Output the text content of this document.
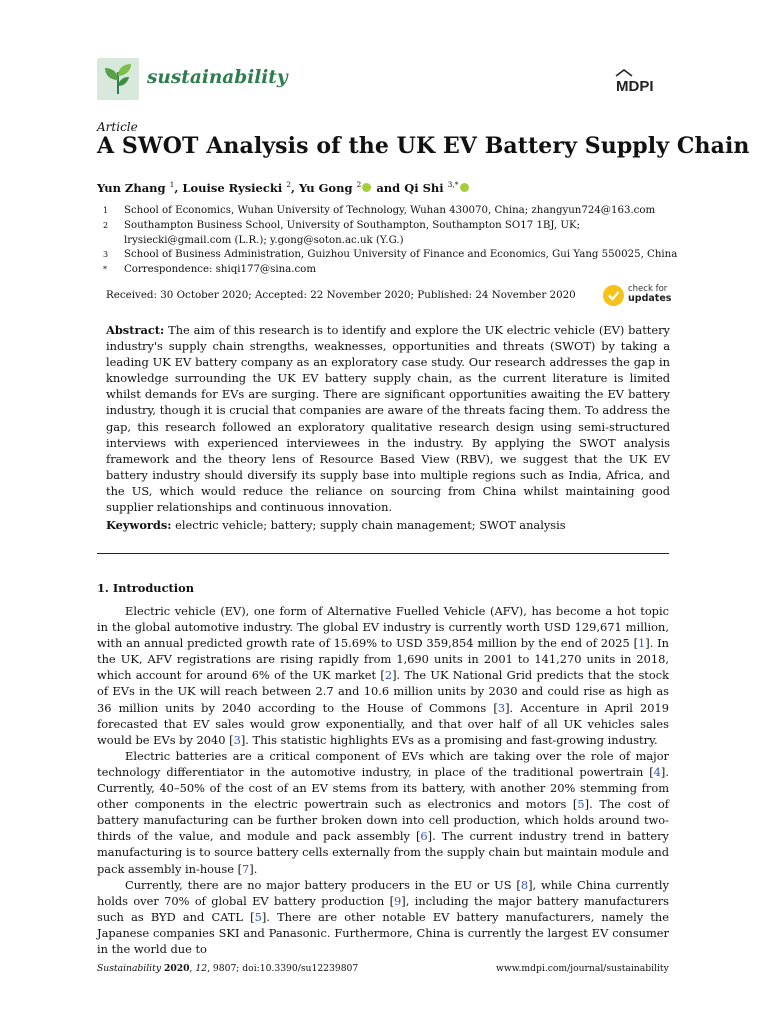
sustainability	MDPI
Article
A SWOT Analysis of the UK EV Battery Supply Chain
Yun Zhang $^1$, Louise Rysiecki $^2$, Yu Gong $^2$ and Qi Shi $^{3,*}$
1 School of Economics, Wuhan University of Technology, Wuhan 430070, China; zhangyun724@163.com
2 Southampton Business School, University of Southampton, Southampton SO17 1BJ, UK;
lrysiecki@gmail.com (L.R.); y.gong@soton.ac.uk (Y.G.)
3 School of Business Administration, Guizhou University of Finance and Economics, Gui Yang 550025, China
* Correspondence: shiqi177@sina.com
Received: 30 October 2020; Accepted: 22 November 2020; Published: 24 November 2020	check for
updates
Abstract: The aim of this research is to identify and explore the UK electric vehicle (EV) battery industry's supply chain strengths, weaknesses, opportunities and threats (SWOT) by taking a leading UK EV battery company as an exploratory case study. Our research addresses the gap in knowledge surrounding the UK EV battery supply chain, as the current literature is limited whilst demands for EVs are surging. There are significant opportunities awaiting the EV battery industry, though it is crucial that companies are aware of the threats facing them. To address the gap, this research followed an exploratory qualitative research design using semi-structured interviews with experienced interviewees in the industry. By applying the SWOT analysis framework and the theory lens of Resource Based View (RBV), we suggest that the UK EV battery industry should diversify its supply base into multiple regions such as India, Africa, and the US, which would reduce the reliance on sourcing from China whilst maintaining good supplier relationships and continuous innovation.
Keywords: electric vehicle; battery; supply chain management; SWOT analysis
1. Introduction

Electric vehicle (EV), one form of Alternative Fuelled Vehicle (AFV), has become a hot topic in the global automotive industry. The global EV industry is currently worth USD 129,671 million, with an annual predicted growth rate of 15.69% to USD 359,854 million by the end of 2025 [1]. In the UK, AFV registrations are rising rapidly from 1,690 units in 2001 to 141,270 units in 2018, which account for around 6% of the UK market [2]. The UK National Grid predicts that the stock of EVs in the UK will reach between 2.7 and 10.6 million units by 2030 and could rise as high as 36 million units by 2040 according to the House of Commons [3]. Accenture in April 2019 forecasted that EV sales would grow exponentially, and that over half of all UK vehicles sales would be EVs by 2040 [3]. This statistic highlights EVs as a promising and fast-growing industry.

Electric batteries are a critical component of EVs which are taking over the role of major technology differentiator in the automotive industry, in place of the traditional powertrain [4]. Currently, 40–50% of the cost of an EV stems from its battery, with another 20% stemming from other components in the electric powertrain such as electronics and motors [5]. The cost of battery manufacturing can be further broken down into cell production, which holds around two-thirds of the value, and module and pack assembly [6]. The current industry trend in battery manufacturing is to source battery cells externally from the supply chain but maintain module and pack assembly in-house [7].

Currently, there are no major battery producers in the EU or US [8], while China currently holds over 70% of global EV battery production [9], including the major battery manufacturers such as BYD and CATL [5]. There are other notable EV battery manufacturers, namely the Japanese companies SKI and Panasonic. Furthermore, China is currently the largest EV consumer in the world due to

Sustainability 2020, 12, 9807; doi:10.3390/su12239807	www.mdpi.com/journal/sustainability
